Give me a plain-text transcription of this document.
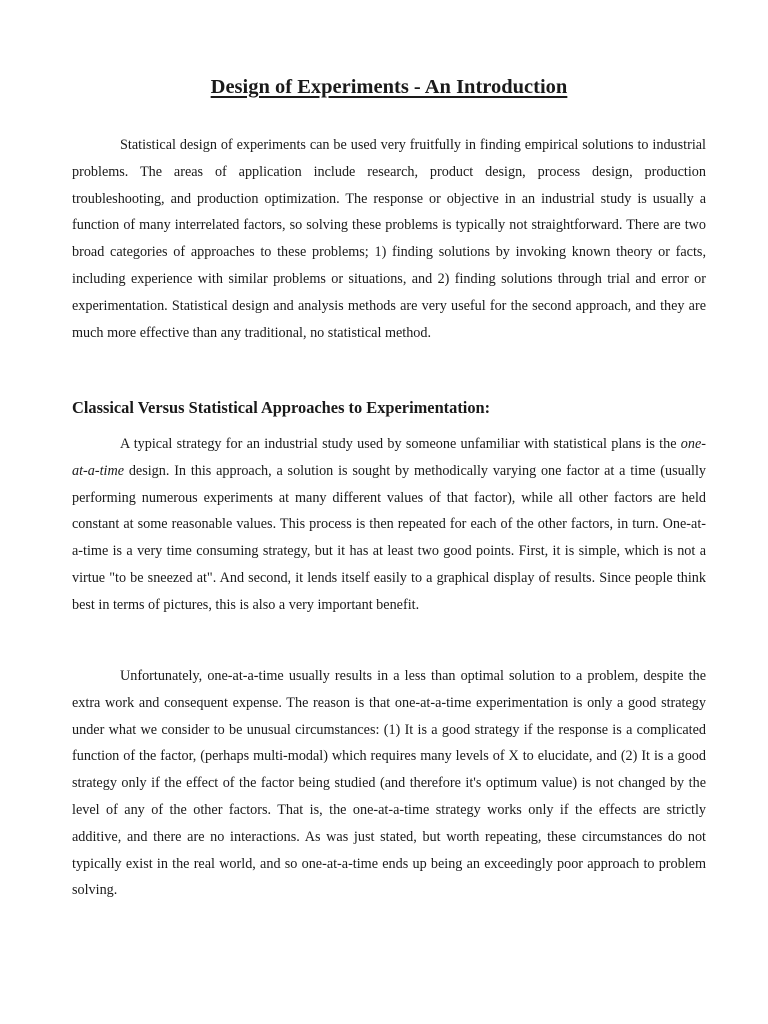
Design of Experiments - An Introduction

Statistical design of experiments can be used very fruitfully in finding empirical solutions to industrial problems. The areas of application include research, product design, process design, production troubleshooting, and production optimization. The response or objective in an industrial study is usually a function of many interrelated factors, so solving these problems is typically not straightforward. There are two broad categories of approaches to these problems; 1) finding solutions by invoking known theory or facts, including experience with similar problems or situations, and 2) finding solutions through trial and error or experimentation. Statistical design and analysis methods are very useful for the second approach, and they are much more effective than any traditional, no statistical method.

Classical Versus Statistical Approaches to Experimentation:

A typical strategy for an industrial study used by someone unfamiliar with statistical plans is the one-at-a-time design. In this approach, a solution is sought by methodically varying one factor at a time (usually performing numerous experiments at many different values of that factor), while all other factors are held constant at some reasonable values. This process is then repeated for each of the other factors, in turn. One-at-a-time is a very time consuming strategy, but it has at least two good points. First, it is simple, which is not a virtue "to be sneezed at". And second, it lends itself easily to a graphical display of results. Since people think best in terms of pictures, this is also a very important benefit.

Unfortunately, one-at-a-time usually results in a less than optimal solution to a problem, despite the extra work and consequent expense. The reason is that one-at-a-time experimentation is only a good strategy under what we consider to be unusual circumstances: (1) It is a good strategy if the response is a complicated function of the factor, (perhaps multi-modal) which requires many levels of X to elucidate, and (2) It is a good strategy only if the effect of the factor being studied (and therefore it's optimum value) is not changed by the level of any of the other factors. That is, the one-at-a-time strategy works only if the effects are strictly additive, and there are no interactions. As was just stated, but worth repeating, these circumstances do not typically exist in the real world, and so one-at-a-time ends up being an exceedingly poor approach to problem solving.
